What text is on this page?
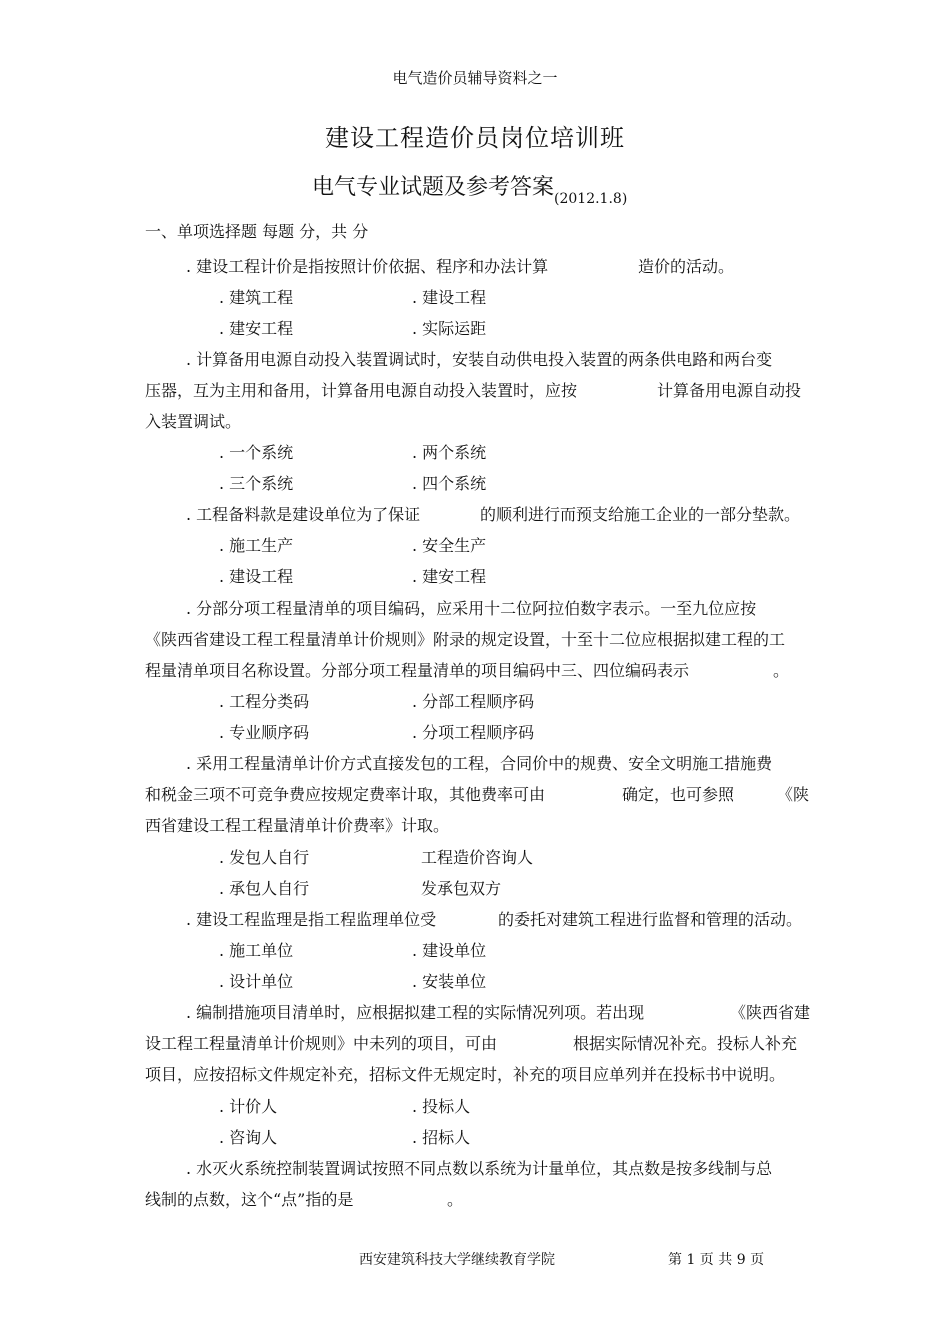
电气造价员辅导资料之一
建设工程造价员岗位培训班
电气专业试题及参考答案$_{(2012.1.8)}$
一、单项选择题 每题 分，共 分
. 建设工程计价是指按照计价依据、程序和办法计算	造价的活动。
. 建筑工程	. 建设工程
. 建安工程	. 实际运距
. 计算备用电源自动投入装置调试时，安装自动供电投入装置的两条供电路和两台变
压器，互为主用和备用，计算备用电源自动投入装置时，应按	计算备用电源自动投
入装置调试。
. 一个系统	. 两个系统
. 三个系统	. 四个系统
. 工程备料款是建设单位为了保证	的顺利进行而预支给施工企业的一部分垫款。
. 施工生产	. 安全生产
. 建设工程	. 建安工程
. 分部分项工程量清单的项目编码，应采用十二位阿拉伯数字表示。一至九位应按
《陕西省建设工程工程量清单计价规则》附录的规定设置，十至十二位应根据拟建工程的工
程量清单项目名称设置。分部分项工程量清单的项目编码中三、四位编码表示	。
. 工程分类码	. 分部工程顺序码
. 专业顺序码	. 分项工程顺序码
. 采用工程量清单计价方式直接发包的工程，合同价中的规费、安全文明施工措施费
和税金三项不可竞争费应按规定费率计取，其他费率可由	确定，也可参照	《陕
西省建设工程工程量清单计价费率》计取。
. 发包人自行	工程造价咨询人
. 承包人自行	发承包双方
. 建设工程监理是指工程监理单位受	的委托对建筑工程进行监督和管理的活动。
. 施工单位	. 建设单位
. 设计单位	. 安装单位
. 编制措施项目清单时，应根据拟建工程的实际情况列项。若出现	《陕西省建
设工程工程量清单计价规则》中未列的项目，可由	根据实际情况补充。投标人补充
项目，应按招标文件规定补充，招标文件无规定时，补充的项目应单列并在投标书中说明。
. 计价人	. 投标人
. 咨询人	. 招标人
. 水灭火系统控制装置调试按照不同点数以系统为计量单位，其点数是按多线制与总
线制的点数，这个“点”指的是	。
西安建筑科技大学继续教育学院	第 1 页 共 9 页
